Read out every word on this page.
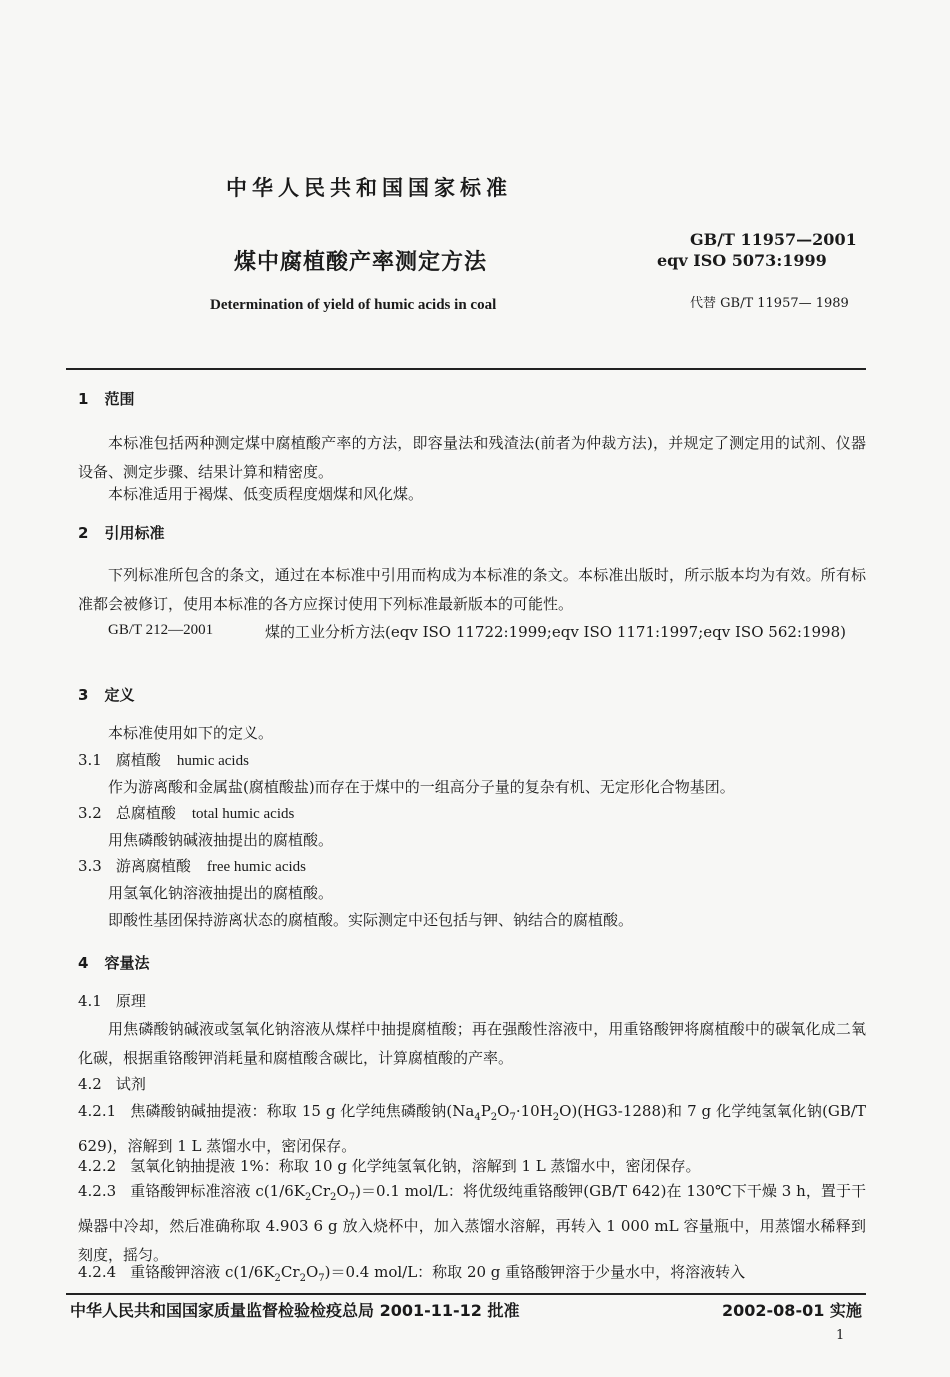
中华人民共和国国家标准
煤中腐植酸产率测定方法
GB/T 11957—2001
eqv ISO 5073:1999
Determination of yield of humic acids in coal	代替 GB/T 11957— 1989
1 范围
本标准包括两种测定煤中腐植酸产率的方法，即容量法和残渣法(前者为仲裁方法)，并规定了测定用的试剂、仪器设备、测定步骤、结果计算和精密度。
本标准适用于褐煤、低变质程度烟煤和风化煤。
2 引用标准
下列标准所包含的条文，通过在本标准中引用而构成为本标准的条文。本标准出版时，所示版本均为有效。所有标准都会被修订，使用本标准的各方应探讨使用下列标准最新版本的可能性。
GB/T 212—2001	煤的工业分析方法(eqv ISO 11722:1999;eqv ISO 1171:1997;eqv ISO 562:1998)
3 定义
本标准使用如下的定义。
3.1 腐植酸 humic acids
作为游离酸和金属盐(腐植酸盐)而存在于煤中的一组高分子量的复杂有机、无定形化合物基团。
3.2 总腐植酸 total humic acids
用焦磷酸钠碱液抽提出的腐植酸。
3.3 游离腐植酸 free humic acids
用氢氧化钠溶液抽提出的腐植酸。
即酸性基团保持游离状态的腐植酸。实际测定中还包括与钾、钠结合的腐植酸。
4 容量法
4.1 原理
用焦磷酸钠碱液或氢氧化钠溶液从煤样中抽提腐植酸；再在强酸性溶液中，用重铬酸钾将腐植酸中的碳氧化成二氧化碳，根据重铬酸钾消耗量和腐植酸含碳比，计算腐植酸的产率。
4.2 试剂
4.2.1 焦磷酸钠碱抽提液：称取 15 g 化学纯焦磷酸钠$(Na_4P_2O_7\cdot 10H_2O)(HG3-1288)$和 7 g 化学纯氢氧化钠(GB/T 629)，溶解到 1 L 蒸馏水中，密闭保存。
4.2.2 氢氧化钠抽提液 1%：称取 10 g 化学纯氢氧化钠，溶解到 1 L 蒸馏水中，密闭保存。
4.2.3 重铬酸钾标准溶液 $c(1/6K_2Cr_2O_7)=0.1$ mol/L：将优级纯重铬酸钾(GB/T 642)在 130℃下干燥 3 h，置于干燥器中冷却，然后准确称取 4.903 6 g 放入烧杯中，加入蒸馏水溶解，再转入 1 000 mL 容量瓶中，用蒸馏水稀释到刻度，摇匀。
4.2.4 重铬酸钾溶液 $c(1/6K_2Cr_2O_7)=0.4$ mol/L：称取 20 g 重铬酸钾溶于少量水中，将溶液转入
中华人民共和国国家质量监督检验检疫总局 2001-11-12 批准	2002-08-01 实施
1
